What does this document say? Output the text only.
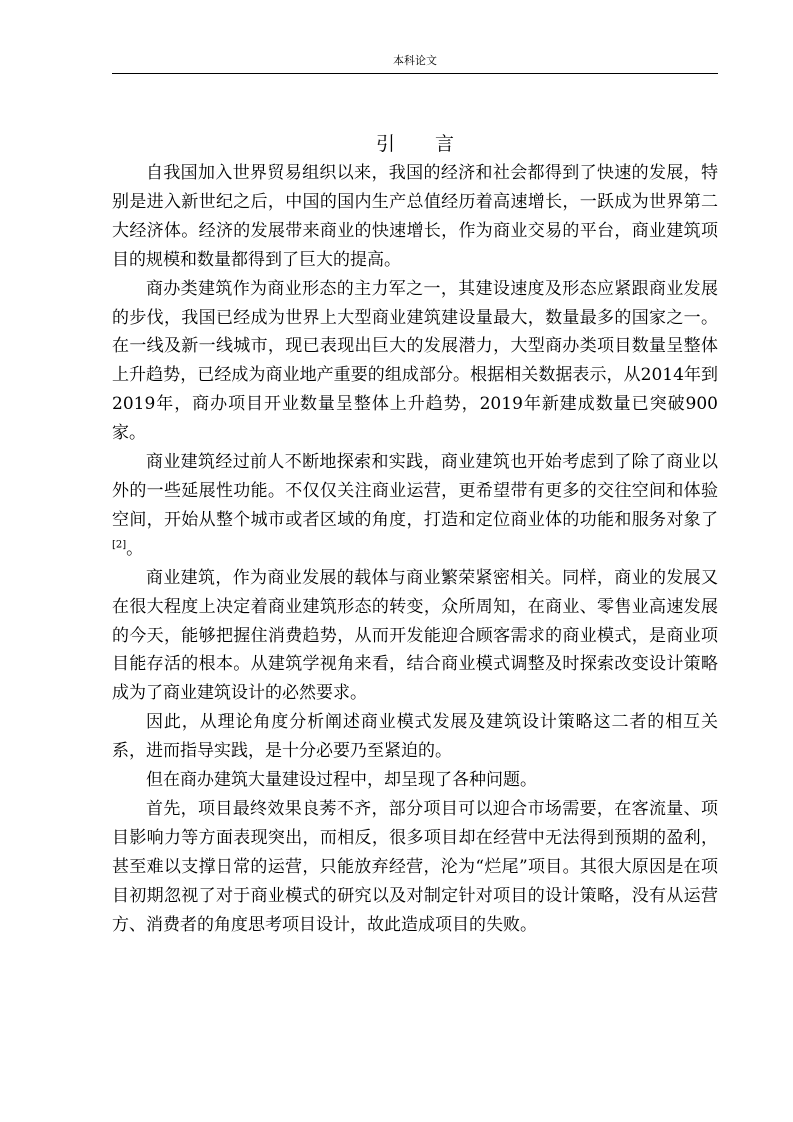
本科论文
引 言

自我国加入世界贸易组织以来，我国的经济和社会都得到了快速的发展，特别是进入新世纪之后，中国的国内生产总值经历着高速增长，一跃成为世界第二大经济体。经济的发展带来商业的快速增长，作为商业交易的平台，商业建筑项目的规模和数量都得到了巨大的提高。

商办类建筑作为商业形态的主力军之一，其建设速度及形态应紧跟商业发展的步伐，我国已经成为世界上大型商业建筑建设量最大，数量最多的国家之一。在一线及新一线城市，现已表现出巨大的发展潜力，大型商办类项目数量呈整体上升趋势，已经成为商业地产重要的组成部分。根据相关数据表示，从2014年到2019年，商办项目开业数量呈整体上升趋势，2019年新建成数量已突破900家。

商业建筑经过前人不断地探索和实践，商业建筑也开始考虑到了除了商业以外的一些延展性功能。不仅仅关注商业运营，更希望带有更多的交往空间和体验空间，开始从整个城市或者区域的角度，打造和定位商业体的功能和服务对象了[2]。

商业建筑，作为商业发展的载体与商业繁荣紧密相关。同样，商业的发展又在很大程度上决定着商业建筑形态的转变，众所周知，在商业、零售业高速发展的今天，能够把握住消费趋势，从而开发能迎合顾客需求的商业模式，是商业项目能存活的根本。从建筑学视角来看，结合商业模式调整及时探索改变设计策略成为了商业建筑设计的必然要求。

因此，从理论角度分析阐述商业模式发展及建筑设计策略这二者的相互关系，进而指导实践，是十分必要乃至紧迫的。

但在商办建筑大量建设过程中，却呈现了各种问题。

首先，项目最终效果良莠不齐，部分项目可以迎合市场需要，在客流量、项目影响力等方面表现突出，而相反，很多项目却在经营中无法得到预期的盈利，甚至难以支撑日常的运营，只能放弃经营，沦为“烂尾”项目。其很大原因是在项目初期忽视了对于商业模式的研究以及对制定针对项目的设计策略，没有从运营方、消费者的角度思考项目设计，故此造成项目的失败。
